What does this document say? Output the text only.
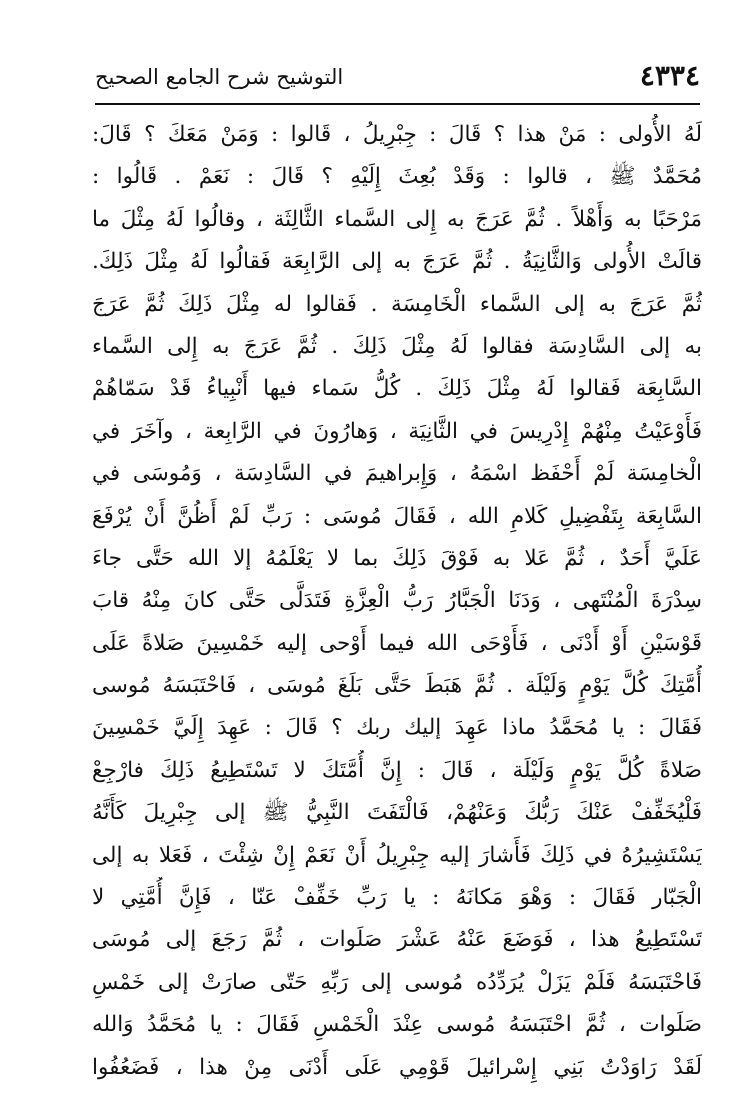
٤٣٣٤
التوشيح شرح الجامع الصحيح
لَهُ الأُولى : مَنْ هذا ؟ قَالَ : جِبْرِيلُ ، قَالوا : وَمَنْ مَعَكَ ؟ قَالَ:
مُحَمَّدٌ ﷺ ، قالوا : وَقَدْ بُعِثَ إِلَيْهِ ؟ قَالَ : نَعَمْ . قَالُوا :
مَرْحَبًا به وَأَهْلاً . ثُمَّ عَرَجَ به إِلى السَّماء الثَّالِثَة ، وقالُوا لَهُ مِثْلَ ما
قالَتْ الأُولى وَالثَّانِيَةُ . ثُمَّ عَرَجَ به إلى الرَّابِعَة فَقالُوا لَهُ مِثْلَ ذَلِكَ.
ثُمَّ عَرَجَ به إلى السَّماء الْخَامِسَة . فَقالوا له مِثْلَ ذَلِكَ ثُمَّ عَرَجَ
به إلى السَّادِسَة فقالوا لَهُ مِثْلَ ذَلِكَ . ثُمَّ عَرَجَ به إِلى السَّماء
السَّابِعَة فَقالوا لَهُ مِثْلَ ذَلِكَ . كُلُّ سَماء فيها أَنْبِياءُ قَدْ سَمّاهُمْ
فَأَوْعَيْتُ مِنْهُمْ إِدْرِيسَ في الثَّانِيَة ، وَهارُونَ في الرَّابِعة ، وآخَرَ في
الْخامِسَة لَمْ أَحْفَظ اسْمَهُ ، وَإِبراهيمَ في السَّادِسَة ، وَمُوسَى في
السَّابِعَة بِتَفْضِيلِ كَلامِ الله ، فَقَالَ مُوسَى : رَبِّ لَمْ أَظُنَّ أَنْ يُرْفَعَ
عَلَيَّ أَحَدٌ ، ثُمَّ عَلا به فَوْقَ ذَلِكَ بما لا يَعْلَمُهُ إلا الله حَتَّى جاءَ
سِدْرَةَ الْمُنْتَهى ، وَدَنَا الْجَبَّارُ رَبُّ الْعِزَّةِ فَتَدَلَّى حَتَّى كانَ مِنْهُ قابَ
قَوْسَيْنِ أَوْ أَدْنَى ، فَأَوْحَى الله فيما أَوْحى إليه خَمْسِينَ صَلاةً عَلَى
أُمَّتِكَ كُلَّ يَوْمٍ وَلَيْلَة . ثُمَّ هَبَطَ حَتَّى بَلَغَ مُوسَى ، فَاحْتَبَسَهُ مُوسى
فَقَالَ : يا مُحَمَّدُ ماذا عَهِدَ إليك ربك ؟ قَالَ : عَهِدَ إِلَيَّ خَمْسِينَ
صَلاةً كُلَّ يَوْمٍ وَلَيْلَة ، قَالَ : إِنَّ أُمَّتَكَ لا تَسْتَطِيعُ ذَلِكَ فارْجِعْ
فَلْيُخَفِّفْ عَنْكَ رَبُّكَ وَعَنْهُمْ، فَالْتَفَتَ النَّبِيُّ ﷺ إلى جِبْرِيلَ كَأَنَّهُ
يَسْتَشِيرُهُ في ذَلِكَ فَأَشارَ إليه جِبْرِيلُ أَنْ نَعَمْ إِنْ شِئْتَ ، فَعَلا به إلى
الْجَبّار فَقَالَ : وَهْوَ مَكانَهُ : يا رَبِّ خَفِّفْ عَنّا ، فَإِنَّ أُمَّتِي لا
تَسْتَطِيعُ هذا ، فَوَضَعَ عَنْهُ عَشْرَ صَلَوات ، ثُمَّ رَجَعَ إلى مُوسَى
فَاحْتَبَسَهُ فَلَمْ يَزَلْ يُرَدِّدُه مُوسى إلى رَبِّهِ حَتّى صارَتْ إلى خَمْسِ
صَلَوات ، ثُمَّ احْتَبَسَهُ مُوسى عِنْدَ الْخَمْسِ فَقَالَ : يا مُحَمَّدُ وَالله
لَقَدْ رَاوَدْتُ بَنِي إِسْرائيلَ قَوْمِي عَلَى أَدْنَى مِنْ هذا ، فَضَعُفُوا
